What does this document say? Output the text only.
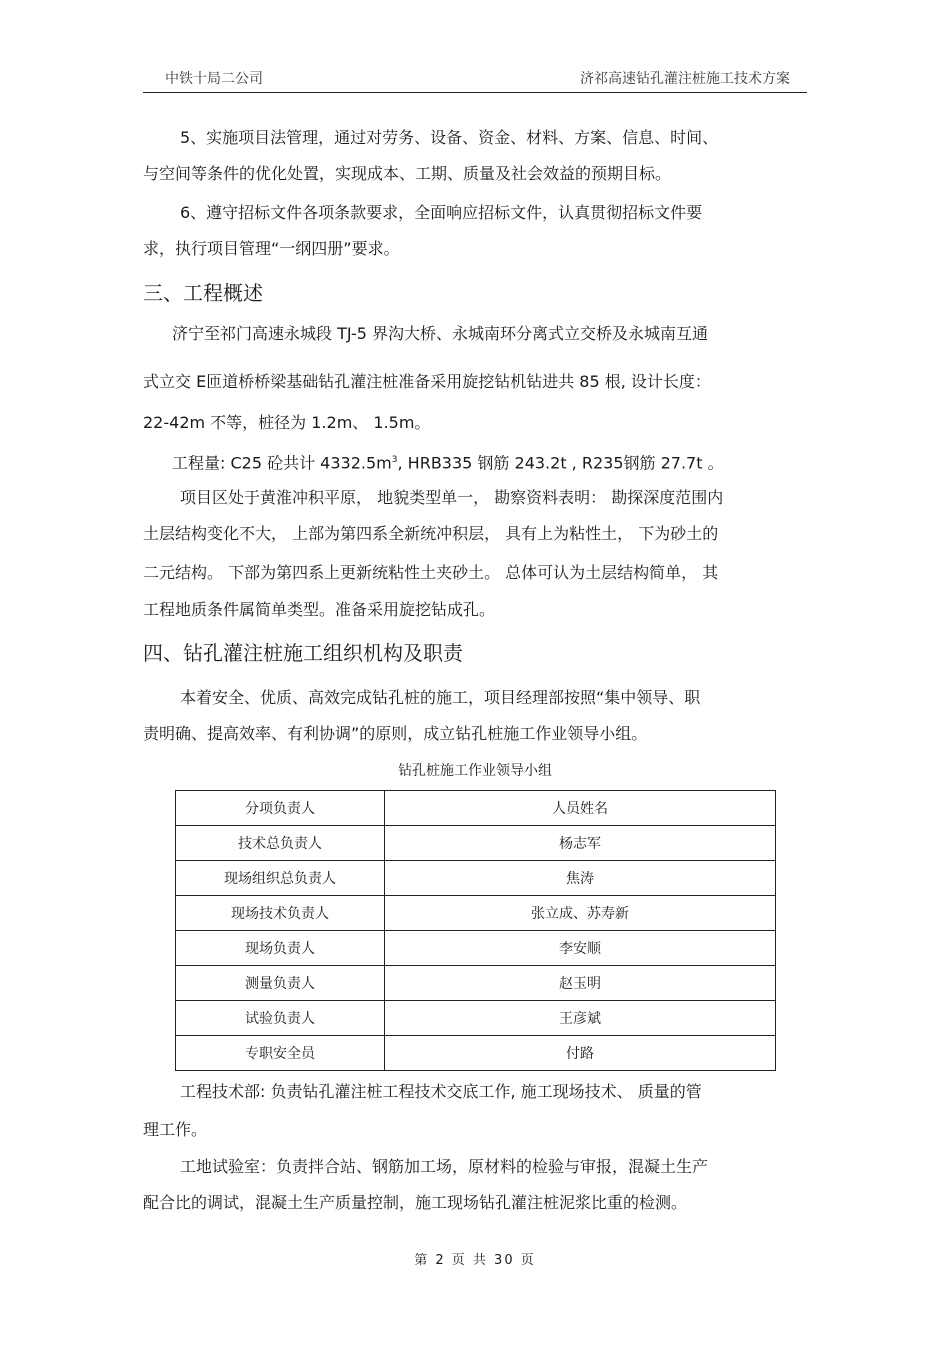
中铁十局二公司	济祁高速钻孔灌注桩施工技术方案
5、实施项目法管理，通过对劳务、设备、资金、材料、方案、信息、时间、
与空间等条件的优化处置，实现成本、工期、质量及社会效益的预期目标。
6、遵守招标文件各项条款要求，全面响应招标文件，认真贯彻招标文件要
求，执行项目管理“一纲四册”要求。
三、工程概述
济宁至祁门高速永城段 TJ-5 界沟大桥、永城南环分离式立交桥及永城南互通
式立交 E匝道桥桥梁基础钻孔灌注桩准备采用旋挖钻机钻进共 85 根, 设计长度：
22-42m 不等，桩径为 1.2m、 1.5m。
工程量: C25 砼共计 $4332.5m^3$, HRB335 钢筋 243.2t , R235钢筋 27.7t 。
项目区处于黄淮冲积平原， 地貌类型单一， 勘察资料表明： 勘探深度范围内
土层结构变化不大， 上部为第四系全新统冲积层， 具有上为粘性土， 下为砂土的
二元结构。 下部为第四系上更新统粘性土夹砂土。 总体可认为土层结构简单， 其
工程地质条件属简单类型。准备采用旋挖钻成孔。
四、钻孔灌注桩施工组织机构及职责
本着安全、优质、高效完成钻孔桩的施工，项目经理部按照“集中领导、职
责明确、提高效率、有利协调”的原则，成立钻孔桩施工作业领导小组。
钻孔桩施工作业领导小组
分项负责人	人员姓名
技术总负责人	杨志军
现场组织总负责人	焦涛
现场技术负责人	张立成、苏寿新
现场负责人	李安顺
测量负责人	赵玉明
试验负责人	王彦斌
专职安全员	付路
工程技术部: 负责钻孔灌注桩工程技术交底工作, 施工现场技术、 质量的管
理工作。
工地试验室：负责拌合站、钢筋加工场，原材料的检验与审报，混凝土生产
配合比的调试，混凝土生产质量控制，施工现场钻孔灌注桩泥浆比重的检测。
第 2 页 共 30 页
